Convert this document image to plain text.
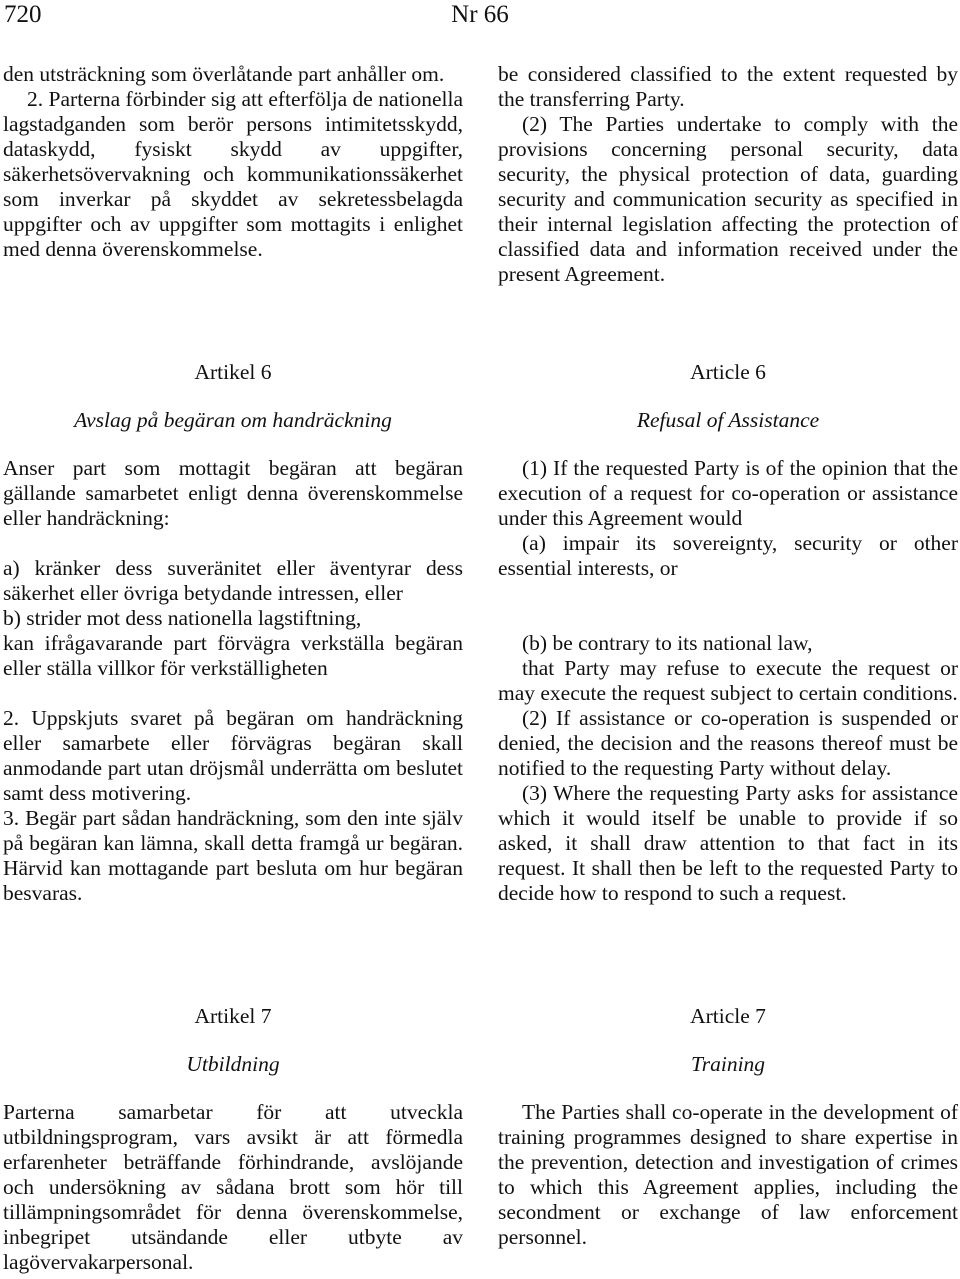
720	Nr 66

den utsträckning som överlåtande part anhåller om.

2. Parterna förbinder sig att efterfölja de nationella lagstadganden som berör persons intimitetsskydd, dataskydd, fysiskt skydd av uppgifter, säkerhetsövervakning och kommunikationssäkerhet som inverkar på skyddet av sekretessbelagda uppgifter och av uppgifter som mottagits i enlighet med denna överenskommelse.

Artikel 6
Avslag på begäran om handräckning

Anser part som mottagit begäran att begäran gällande samarbetet enligt denna överenskommelse eller handräckning:

a) kränker dess suveränitet eller äventyrar dess säkerhet eller övriga betydande intressen, eller

b) strider mot dess nationella lagstiftning,

kan ifrågavarande part förvägra verkställa begäran eller ställa villkor för verkställigheten

2. Uppskjuts svaret på begäran om handräckning eller samarbete eller förvägras begäran skall anmodande part utan dröjsmål underrätta om beslutet samt dess motivering.

3. Begär part sådan handräckning, som den inte själv på begäran kan lämna, skall detta framgå ur begäran. Härvid kan mottagande part besluta om hur begäran besvaras.

Artikel 7
Utbildning

Parterna samarbetar för att utveckla utbildningsprogram, vars avsikt är att förmedla erfarenheter beträffande förhindrande, avslöjande och undersökning av sådana brott som hör till tillämpningsområdet för denna överenskommelse, inbegripet utsändande eller utbyte av lagövervakarpersonal.

be considered classified to the extent requested by the transferring Party.

(2) The Parties undertake to comply with the provisions concerning personal security, data security, the physical protection of data, guarding security and communication security as specified in their internal legislation affecting the protection of classified data and information received under the present Agreement.

Article 6
Refusal of Assistance

(1) If the requested Party is of the opinion that the execution of a request for co-operation or assistance under this Agreement would

(a) impair its sovereignty, security or other essential interests, or

(b) be contrary to its national law,

that Party may refuse to execute the request or may execute the request subject to certain conditions.

(2) If assistance or co-operation is suspended or denied, the decision and the reasons thereof must be notified to the requesting Party without delay.

(3) Where the requesting Party asks for assistance which it would itself be unable to provide if so asked, it shall draw attention to that fact in its request. It shall then be left to the requested Party to decide how to respond to such a request.

Article 7
Training

The Parties shall co-operate in the development of training programmes designed to share expertise in the prevention, detection and investigation of crimes to which this Agreement applies, including the secondment or exchange of law enforcement personnel.
